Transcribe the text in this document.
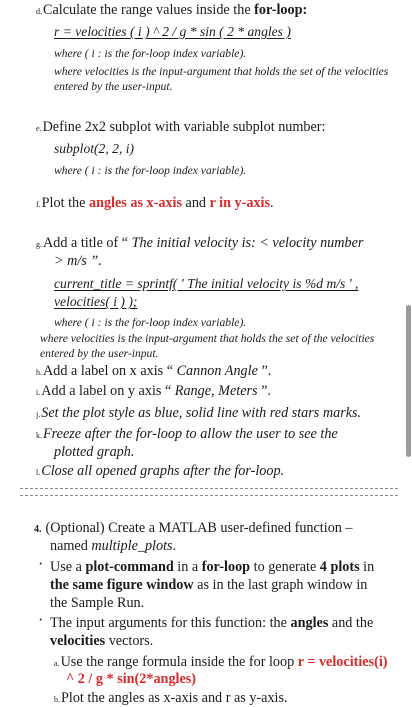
d.Calculate the range values inside the for-loop:
r = velocities ( i ) ^ 2 / g * sin ( 2 * angles )
where ( i : is the for-loop index variable).
where velocities is the input-argument that holds the set of the velocities entered by the user-input.
e.Define 2x2 subplot with variable subplot number:
subplot(2, 2, i)
where ( i : is the for-loop index variable).
f.Plot the angles as x-axis and r in y-axis.
g.Add a title of “ The initial velocity is: < velocity number
> m/s ”.
current_title = sprintf( ' The initial velocity is %d m/s ' ,
velocities( i ) );
where ( i : is the for-loop index variable).
where velocities is the input-argument that holds the set of the velocities entered by the user-input.
h.Add a label on x axis “ Cannon Angle ”.
i.Add a label on y axis “ Range, Meters ”.
j.Set the plot style as blue, solid line with red stars marks.
k.Freeze after the for-loop to allow the user to see the
plotted graph.
l.Close all opened graphs after the for-loop.
4. (Optional) Create a MATLAB user-defined function –
named multiple_plots.
· Use a plot-command in a for-loop to generate 4 plots in
the same figure window as in the last graph window in
the Sample Run.
· The input arguments for this function: the angles and the
velocities vectors.
a.Use the range formula inside the for loop r = velocities(i)
^ 2 / g * sin(2*angles)
b.Plot the angles as x-axis and r as y-axis.
